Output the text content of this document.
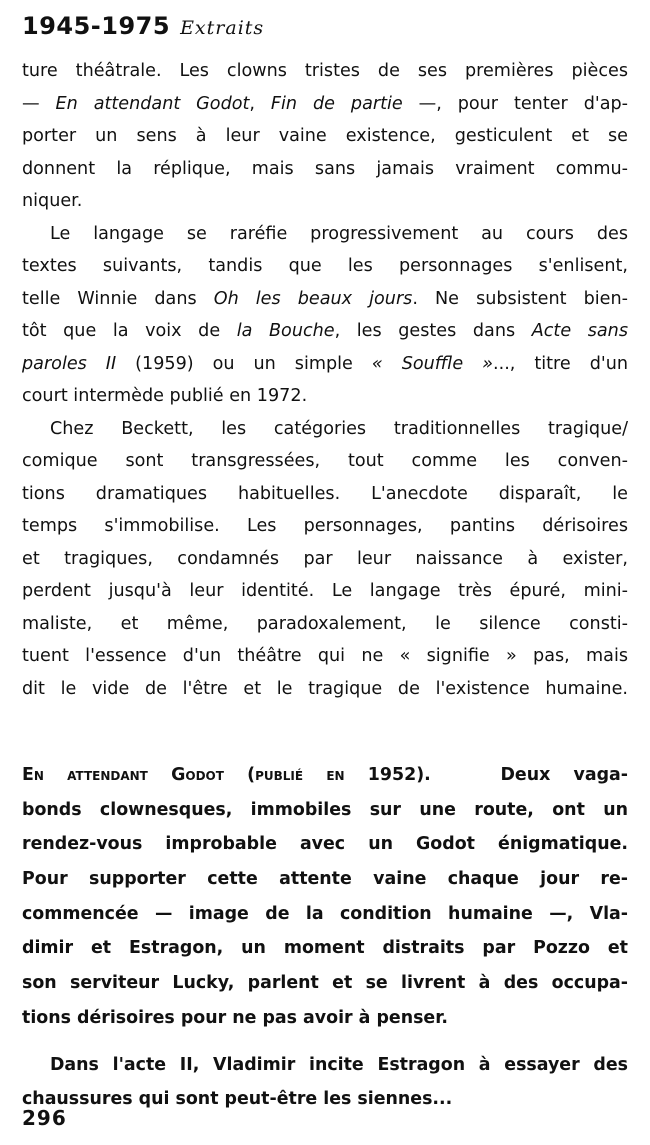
1945-1975 Extraits
ture théâtrale. Les clowns tristes de ses premières pièces
— En attendant Godot, Fin de partie —, pour tenter d'ap-
porter un sens à leur vaine existence, gesticulent et se
donnent la réplique, mais sans jamais vraiment commu-
niquer.
Le langage se raréfie progressivement au cours des
textes suivants, tandis que les personnages s'enlisent,
telle Winnie dans Oh les beaux jours. Ne subsistent bien-
tôt que la voix de la Bouche, les gestes dans Acte sans
paroles II (1959) ou un simple « Souffle »..., titre d'un
court intermède publié en 1972.
Chez Beckett, les catégories traditionnelles tragique/
comique sont transgressées, tout comme les conven-
tions dramatiques habituelles. L'anecdote disparaît, le
temps s'immobilise. Les personnages, pantins dérisoires
et tragiques, condamnés par leur naissance à exister,
perdent jusqu'à leur identité. Le langage très épuré, mini-
maliste, et même, paradoxalement, le silence consti-
tuent l'essence d'un théâtre qui ne « signifie » pas, mais
dit le vide de l'être et le tragique de l'existence humaine.
En attendant Godot (publié en 1952).	Deux vaga-
bonds clownesques, immobiles sur une route, ont un
rendez-vous improbable avec un Godot énigmatique.
Pour supporter cette attente vaine chaque jour re-
commencée — image de la condition humaine —, Vla-
dimir et Estragon, un moment distraits par Pozzo et
son serviteur Lucky, parlent et se livrent à des occupa-
tions dérisoires pour ne pas avoir à penser.
Dans l'acte II, Vladimir incite Estragon à essayer des
chaussures qui sont peut-être les siennes...
296
